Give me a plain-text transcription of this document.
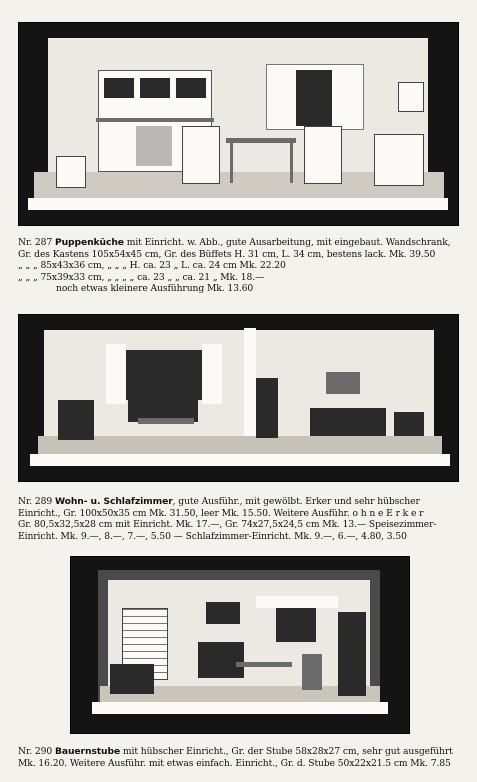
Nr. 287 Puppenküche mit Einricht. w. Abb., gute Ausarbeitung, mit eingebaut. Wandschrank,
Gr. des Kastens 105x54x45 cm, Gr. des Büffets H. 31 cm, L. 34 cm, bestens lack. Mk. 39.50
„ „ „ 85x43x36 cm, „ „ „ H. ca. 23 „ L. ca. 24 cm Mk. 22.20
„ „ „ 75x39x33 cm, „ „ „ „ ca. 23 „ „ ca. 21 „ Mk. 18.—
noch etwas kleinere Ausführung Mk. 13.60
Nr. 289 Wohn- u. Schlafzimmer, gute Ausführ., mit gewölbt. Erker und sehr hübscher
Einricht., Gr. 100x50x35 cm Mk. 31.50, leer Mk. 15.50. Weitere Ausführ. o h n e E r k e r
Gr. 80,5x32,5x28 cm mit Einricht. Mk. 17.—, Gr. 74x27,5x24,5 cm Mk. 13.— Speisezimmer-
Einricht. Mk. 9.—, 8.—, 7.—, 5.50 — Schlafzimmer-Einricht. Mk. 9.—, 6.—, 4.80, 3.50
Nr. 290 Bauernstube mit hübscher Einricht., Gr. der Stube 58x28x27 cm, sehr gut ausgeführt
Mk. 16.20. Weitere Ausführ. mit etwas einfach. Einricht., Gr. d. Stube 50x22x21.5 cm Mk. 7.85
